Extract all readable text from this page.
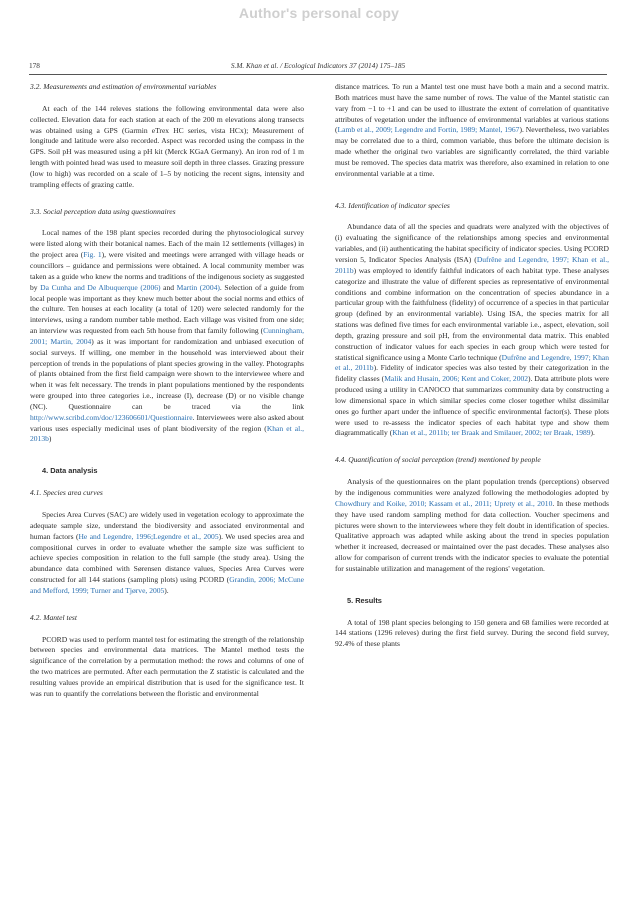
Author's personal copy
178	S.M. Khan et al. / Ecological Indicators 37 (2014) 175–185

3.2. Measurements and estimation of environmental variables

At each of the 144 releves stations the following environmental data were also collected. Elevation data for each station at each of the 200 m elevations along transects was obtained using a GPS (Garmin eTrex HC series, vista HCx); Measurement of longitude and latitude were also recorded. Aspect was recorded using the compass in the GPS. Soil pH was measured using a pH kit (Merck KGaA Germany). An iron rod of 1 m length with pointed head was used to measure soil depth in three classes. Grazing pressure (low to high) was recorded on a scale of 1–5 by noticing the recent signs, intensity and trampling effects of grazing cattle.

3.3. Social perception data using questionnaires

Local names of the 198 plant species recorded during the phytosociological survey were listed along with their botanical names. Each of the main 12 settlements (villages) in the project area (Fig. 1), were visited and meetings were arranged with village heads or councillors – guidance and permissions were obtained. A local community member was taken as a guide who knew the norms and traditions of the indigenous society as suggested by Da Cunha and De Albuquerque (2006) and Martin (2004). Selection of a guide from local people was important as they knew much better about the social norms and ethics of the culture. Ten houses at each locality (a total of 120) were selected randomly for the interviews, using a random number table method. Each village was visited from one side; an interview was requested from each 5th house from that family following (Cunningham, 2001; Martin, 2004) as it was important for randomization and unbiased execution of social surveys. If willing, one member in the household was interviewed about their perception of trends in the populations of plant species growing in the valley. Photographs of plants obtained from the first field campaign were shown to the interviewee where and when it was felt necessary. The trends in plant populations mentioned by the respondents were grouped into three categories i.e., increase (I), decrease (D) or no visible change (NC). Questionnaire can be traced via the link http://www.scribd.com/doc/123606601/Questionnaire. Interviewees were also asked about various uses especially medicinal uses of plant biodiversity of the region (Khan et al., 2013b)

4. Data analysis

4.1. Species area curves

Species Area Curves (SAC) are widely used in vegetation ecology to approximate the adequate sample size, understand the biodiversity and associated environmental and human factors (He and Legendre, 1996;Legendre et al., 2005). We used species area and compositional curves in order to evaluate whether the sample size was sufficient to achieve species composition in relation to the full sample (the study area). Using the abundance data combined with Sørensen distance values, Species Area Curves were constructed for all 144 stations (sampling plots) using PCORD (Grandin, 2006; McCune and Mefford, 1999; Turner and Tjørve, 2005).

4.2. Mantel test

PCORD was used to perform mantel test for estimating the strength of the relationship between species and environmental data matrices. The Mantel method tests the significance of the correlation by a permutation method: the rows and columns of one of the two matrices are permuted. After each permutation the Z statistic is calculated and the resulting values provide an empirical distribution that is used for the significance test. It was run to quantify the correlations between the floristic and environmental

distance matrices. To run a Mantel test one must have both a main and a second matrix. Both matrices must have the same number of rows. The value of the Mantel statistic can vary from −1 to +1 and can be used to illustrate the extent of correlation of quantitative attributes of vegetation under the influence of environmental variables at various stations (Lamb et al., 2009; Legendre and Fortin, 1989; Mantel, 1967). Nevertheless, two variables may be correlated due to a third, common variable, thus before the ultimate decision is made whether the original two variables are significantly correlated, the third variable must be removed. The species data matrix was therefore, also examined in relation to one environmental variable at a time.

4.3. Identification of indicator species

Abundance data of all the species and quadrats were analyzed with the objectives of (i) evaluating the significance of the relationships among species and environmental variables, and (ii) authenticating the habitat specificity of indicator species. Using PCORD version 5, Indicator Species Analysis (ISA) (Dufrêne and Legendre, 1997; Khan et al., 2011b) was employed to identify faithful indicators of each habitat type. These analyses categorize and illustrate the value of different species as representative of environmental conditions and combine information on the concentration of species abundance in a particular group with the faithfulness (fidelity) of occurrence of a species in that particular group (defined by an environmental variable). Using ISA, the species matrix for all stations was defined five times for each environmental variable i.e., aspect, elevation, soil depth, grazing pressure and soil pH, from the environmental data matrix. This enabled construction of indicator values for each species in each group which were tested for statistical significance using a Monte Carlo technique (Dufrêne and Legendre, 1997; Khan et al., 2011b). Fidelity of indicator species was also tested by their categorization in the fidelity classes (Malik and Husain, 2006; Kent and Coker, 2002). Data attribute plots were produced using a utility in CANOCO that summarizes community data by constructing a low dimensional space in which similar species come closer together whilst dissimilar ones go further apart under the influence of specific environmental factor(s). These plots were used to re-assess the indicator species of each habitat type and show them diagrammatically (Khan et al., 2011b; ter Braak and Smilauer, 2002; ter Braak, 1989).

4.4. Quantification of social perception (trend) mentioned by people

Analysis of the questionnaires on the plant population trends (perceptions) observed by the indigenous communities were analyzed following the methodologies adopted by Chowdhury and Koike, 2010; Kassam et al., 2011; Uprety et al., 2010. In these methods they have used random sampling method for data collection. Voucher specimens and pictures were shown to the interviewees where they felt doubt in identification of species. Qualitative approach was adapted while asking about the trend in species population whether it increased, decreased or maintained over the past decades. These analyses also allow for comparison of current trends with the indicator species to evaluate the potential for sustainable utilization and management of the regions' vegetation.

5. Results

A total of 198 plant species belonging to 150 genera and 68 families were recorded at 144 stations (1296 releves) during the first field survey. During the second field survey, 92.4% of these plants
